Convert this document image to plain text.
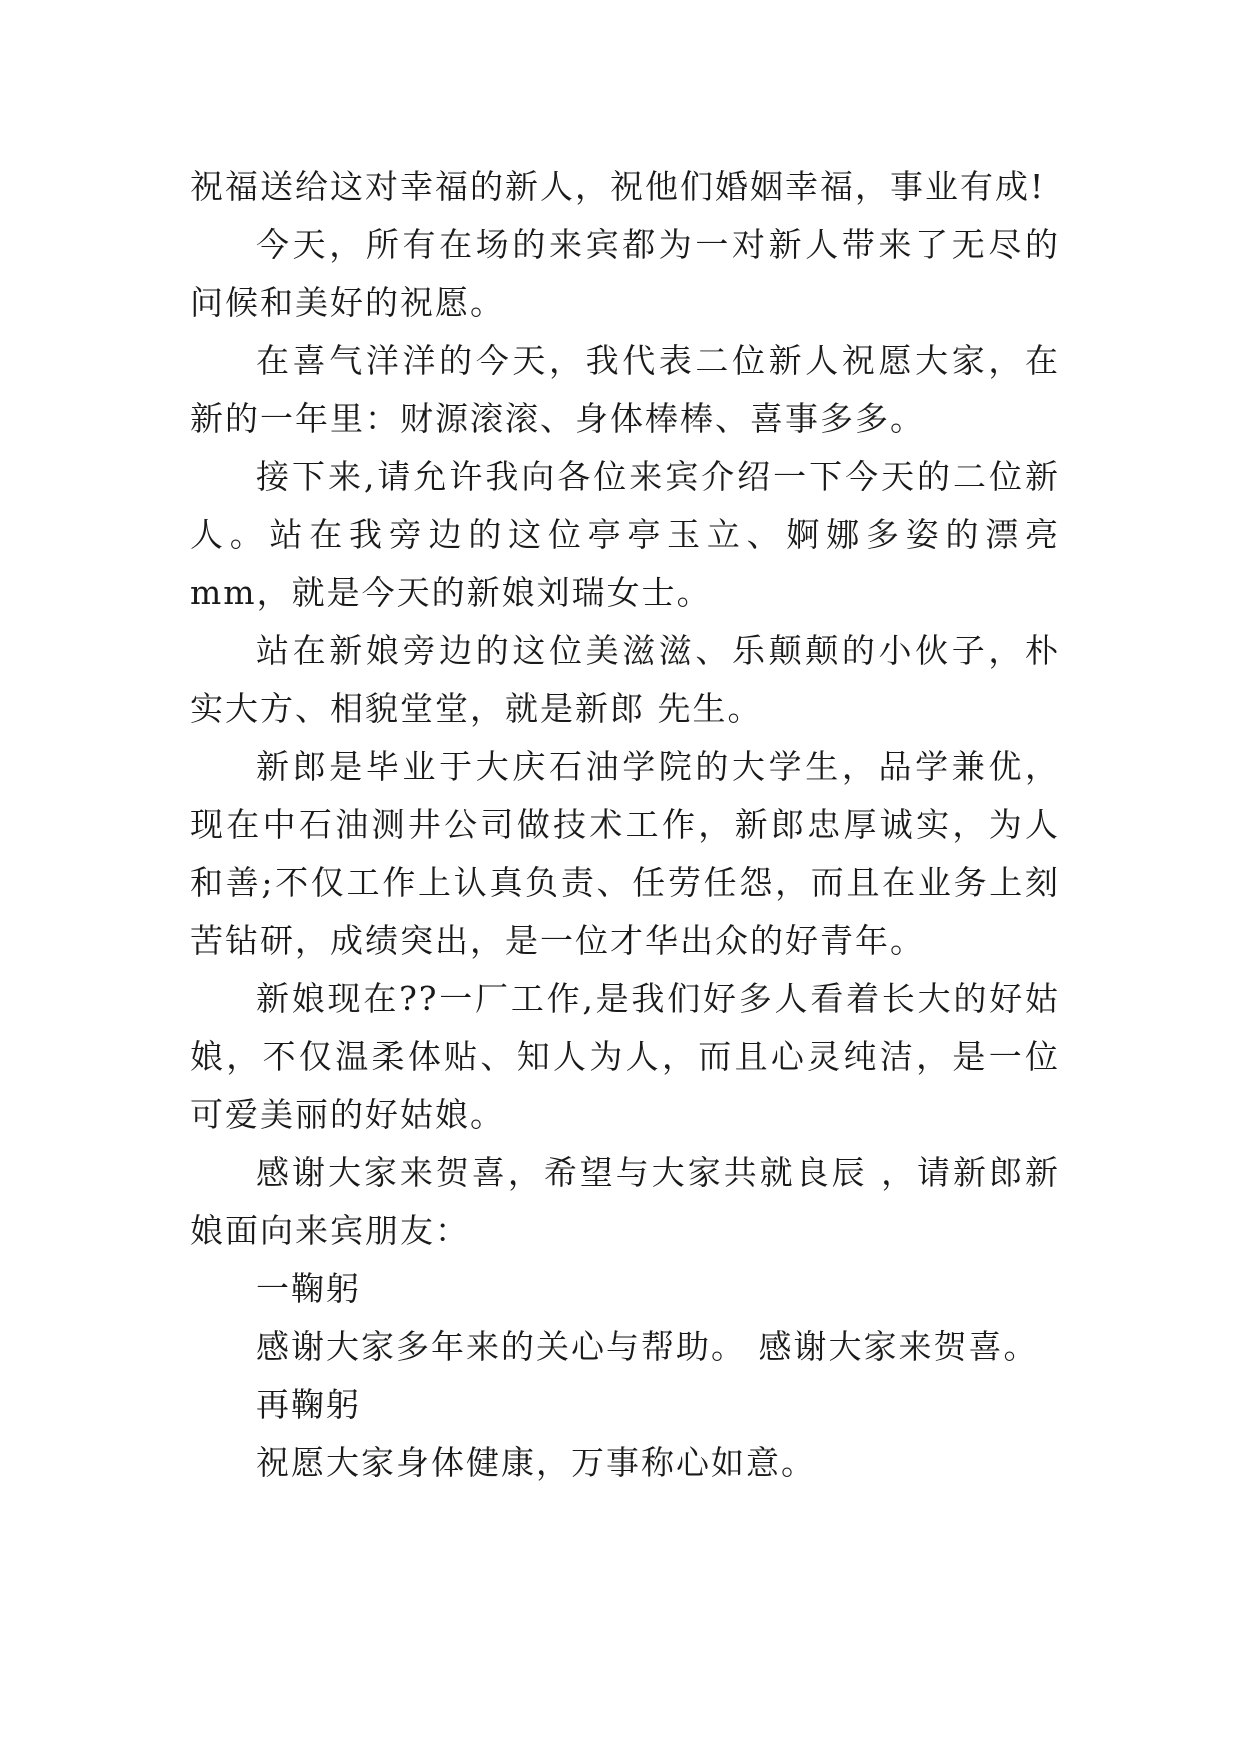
祝福送给这对幸福的新人，祝他们婚姻幸福，事业有成!

今天，所有在场的来宾都为一对新人带来了无尽的问候和美好的祝愿。

在喜气洋洋的今天，我代表二位新人祝愿大家，在新的一年里：财源滚滚、身体棒棒、喜事多多。

接下来,请允许我向各位来宾介绍一下今天的二位新人。站在我旁边的这位亭亭玉立、婀娜多姿的漂亮mm，就是今天的新娘刘瑞女士。

站在新娘旁边的这位美滋滋、乐颠颠的小伙子，朴实大方、相貌堂堂，就是新郎 先生。

新郎是毕业于大庆石油学院的大学生，品学兼优，现在中石油测井公司做技术工作，新郎忠厚诚实，为人和善;不仅工作上认真负责、任劳任怨，而且在业务上刻苦钻研，成绩突出，是一位才华出众的好青年。

新娘现在??一厂工作,是我们好多人看着长大的好姑娘，不仅温柔体贴、知人为人，而且心灵纯洁，是一位可爱美丽的好姑娘。

感谢大家来贺喜，希望与大家共就良辰 ，请新郎新娘面向来宾朋友：

一鞠躬

感谢大家多年来的关心与帮助。 感谢大家来贺喜。

再鞠躬

祝愿大家身体健康，万事称心如意。
